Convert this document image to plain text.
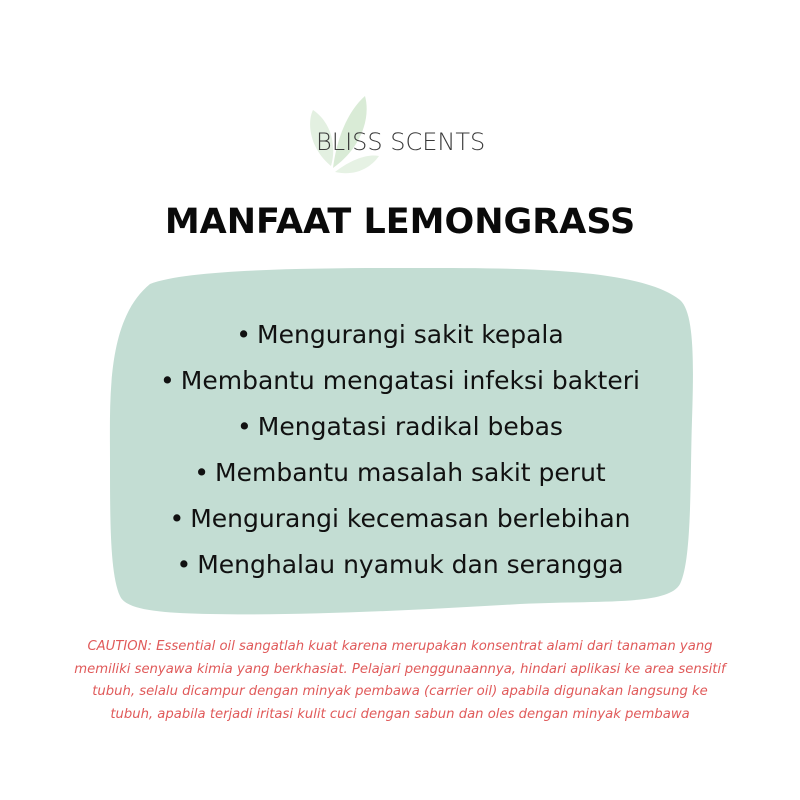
BLISS SCENTS
MANFAAT LEMONGRASS
• Mengurangi sakit kepala
• Membantu mengatasi infeksi bakteri
• Mengatasi radikal bebas
• Membantu masalah sakit perut
• Mengurangi kecemasan berlebihan
• Menghalau nyamuk dan serangga
CAUTION: Essential oil sangatlah kuat karena merupakan konsentrat alami dari tanaman yang memiliki senyawa kimia yang berkhasiat. Pelajari penggunaannya, hindari aplikasi ke area sensitif tubuh, selalu dicampur dengan minyak pembawa (carrier oil) apabila digunakan langsung ke tubuh, apabila terjadi iritasi kulit cuci dengan sabun dan oles dengan minyak pembawa
